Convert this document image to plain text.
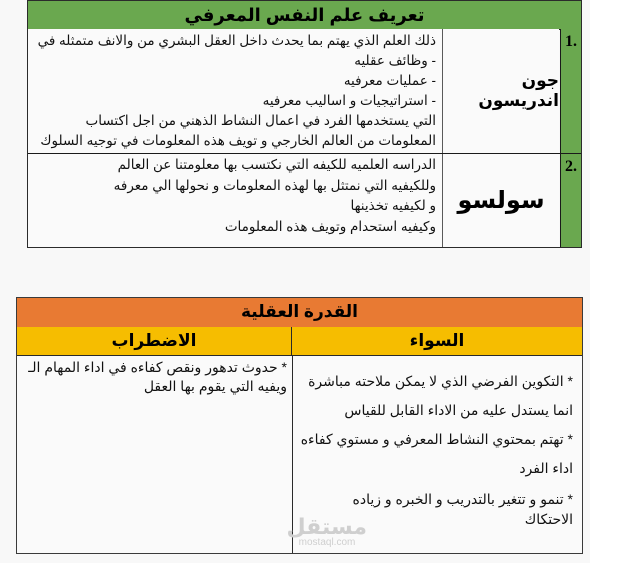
تعريف علم النفس المعرفي
1.
جون اندريسون
ذلك العلم الذي يهتم بما يحدث داخل العقل البشري من والانف متمثله في
- وظائف عقليه
- عمليات معرفيه
- استراتيجيات و اساليب معرفيه
التي يستخدمها الفرد في اعمال النشاط الذهني من اجل اكتساب
المعلومات من العالم الخارجي و تويف هذه المعلومات في توجيه السلوك
2.
سولسو
الدراسه العلميه للكيفه التي نكتسب بها معلومتنا عن العالم
وللكيفيه التي نمتثل بها لهذه المعلومات و نحولها الي معرفه
و لكيفيه تخذينها
وكيفيه استحدام وتويف هذه المعلومات
القدرة العقلية
السواء
الاضطراب
* التكوين الفرضي الذي لا يمكن ملاحته مباشرة
انما يستدل عليه من الاداء القابل للقياس
* تهتم بمحتوي النشاط المعرفي و مستوي كفاءه
اداء الفرد
* تنمو و تتغير بالتدريب و الخبره و زياده
الاحتكاك
* حدوث تدهور ونقص كفاءه في اداء المهام الـ
ويفيه التي يقوم بها العقل
مستقل
mostaql.com
